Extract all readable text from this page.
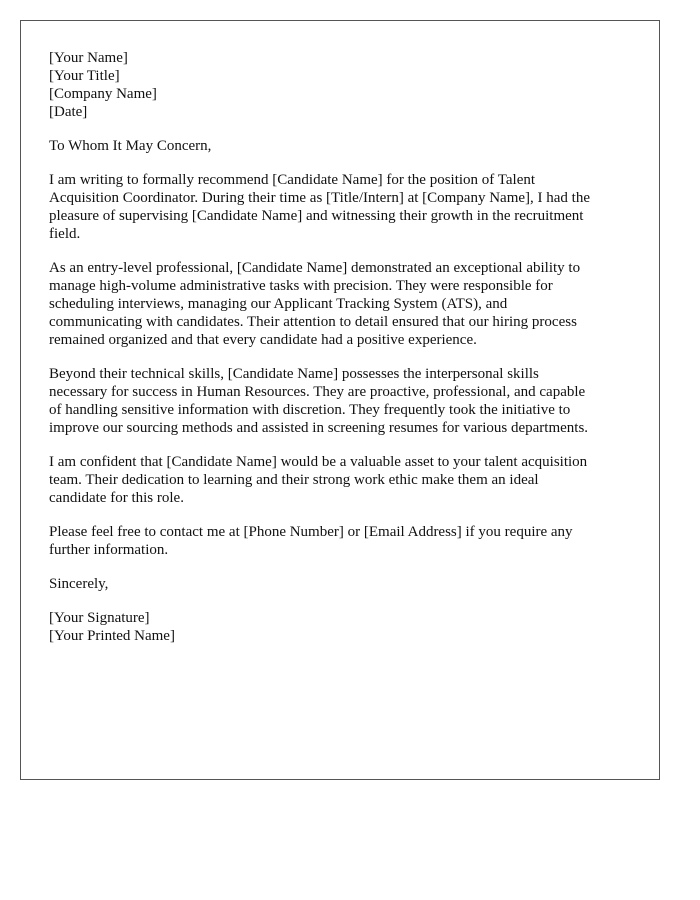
[Your Name]
[Your Title]
[Company Name]
[Date]

To Whom It May Concern,

I am writing to formally recommend [Candidate Name] for the position of Talent
Acquisition Coordinator. During their time as [Title/Intern] at [Company Name], I had the
pleasure of supervising [Candidate Name] and witnessing their growth in the recruitment
field.

As an entry-level professional, [Candidate Name] demonstrated an exceptional ability to
manage high-volume administrative tasks with precision. They were responsible for
scheduling interviews, managing our Applicant Tracking System (ATS), and
communicating with candidates. Their attention to detail ensured that our hiring process
remained organized and that every candidate had a positive experience.

Beyond their technical skills, [Candidate Name] possesses the interpersonal skills
necessary for success in Human Resources. They are proactive, professional, and capable
of handling sensitive information with discretion. They frequently took the initiative to
improve our sourcing methods and assisted in screening resumes for various departments.

I am confident that [Candidate Name] would be a valuable asset to your talent acquisition
team. Their dedication to learning and their strong work ethic make them an ideal
candidate for this role.

Please feel free to contact me at [Phone Number] or [Email Address] if you require any
further information.

Sincerely,

[Your Signature]
[Your Printed Name]
